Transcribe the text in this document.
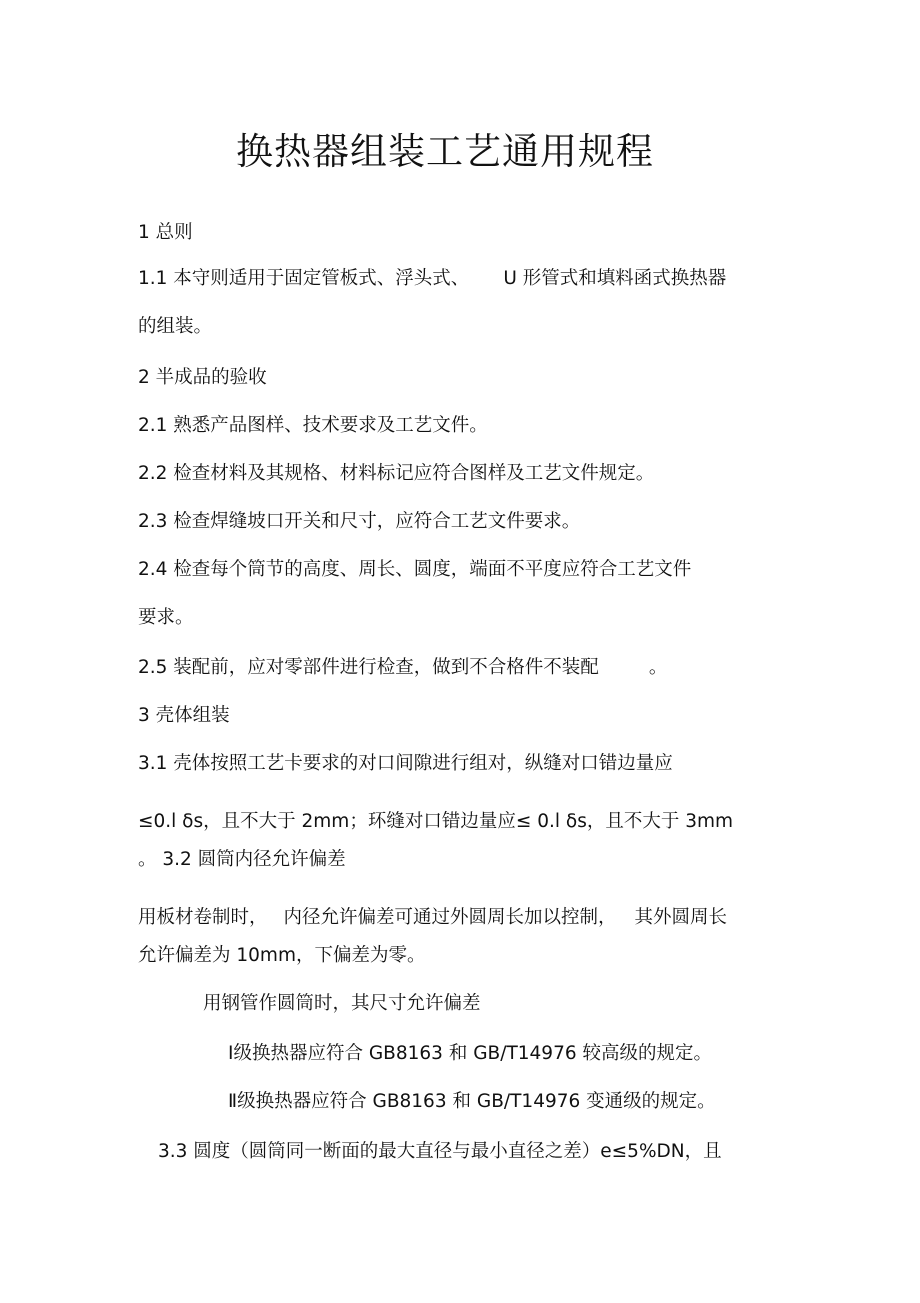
换热器组装工艺通用规程
1 总则
1.1 本守则适用于固定管板式、浮头式、 U 形管式和填料函式换热器
的组装。
2 半成品的验收
2.1 熟悉产品图样、技术要求及工艺文件。
2.2 检查材料及其规格、材料标记应符合图样及工艺文件规定。
2.3 检查焊缝坡口开关和尺寸，应符合工艺文件要求。
2.4 检查每个筒节的高度、周长、圆度，端面不平度应符合工艺文件
要求。
2.5 装配前，应对零部件进行检查，做到不合格件不装配	。
3 壳体组装
3.1 壳体按照工艺卡要求的对口间隙进行组对，纵缝对口错边量应
≤0.l δs，且不大于 2mm；环缝对口错边量应≤ 0.l δs，且不大于 3mm
。 3.2 圆筒内径允许偏差
用板材卷制时， 内径允许偏差可通过外圆周长加以控制， 其外圆周长
允许偏差为 10mm，下偏差为零。
用钢管作圆筒时，其尺寸允许偏差
Ⅰ级换热器应符合 GB8163 和 GB/T14976 较高级的规定。
Ⅱ级换热器应符合 GB8163 和 GB/T14976 变通级的规定。
3.3 圆度（圆筒同一断面的最大直径与最小直径之差）e≤5%DN，且
